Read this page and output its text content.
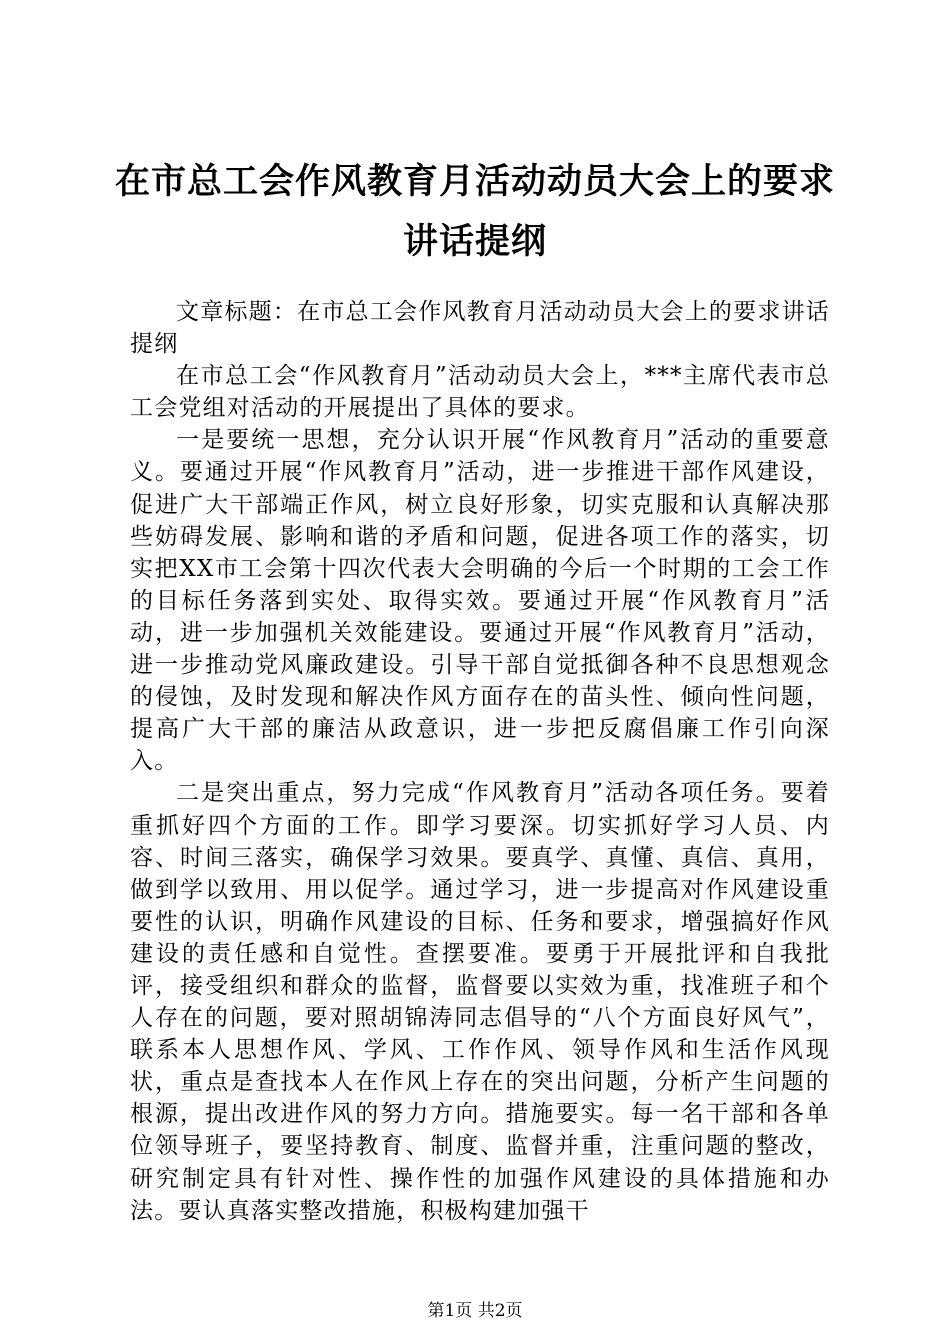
在市总工会作风教育月活动动员大会上的要求
讲话提纲

文章标题：在市总工会作风教育月活动动员大会上的要求讲话提纲

在市总工会“作风教育月”活动动员大会上，***主席代表市总工会党组对活动的开展提出了具体的要求。

一是要统一思想，充分认识开展“作风教育月”活动的重要意义。要通过开展“作风教育月”活动，进一步推进干部作风建设，促进广大干部端正作风，树立良好形象，切实克服和认真解决那些妨碍发展、影响和谐的矛盾和问题，促进各项工作的落实，切实把XX市工会第十四次代表大会明确的今后一个时期的工会工作的目标任务落到实处、取得实效。要通过开展“作风教育月”活动，进一步加强机关效能建设。要通过开展“作风教育月”活动，进一步推动党风廉政建设。引导干部自觉抵御各种不良思想观念的侵蚀，及时发现和解决作风方面存在的苗头性、倾向性问题，提高广大干部的廉洁从政意识，进一步把反腐倡廉工作引向深入。

二是突出重点，努力完成“作风教育月”活动各项任务。要着重抓好四个方面的工作。即学习要深。切实抓好学习人员、内容、时间三落实，确保学习效果。要真学、真懂、真信、真用，做到学以致用、用以促学。通过学习，进一步提高对作风建设重要性的认识，明确作风建设的目标、任务和要求，增强搞好作风建设的责任感和自觉性。查摆要准。要勇于开展批评和自我批评，接受组织和群众的监督，监督要以实效为重，找准班子和个人存在的问题，要对照胡锦涛同志倡导的“八个方面良好风气”，联系本人思想作风、学风、工作作风、领导作风和生活作风现状，重点是查找本人在作风上存在的突出问题，分析产生问题的根源，提出改进作风的努力方向。措施要实。每一名干部和各单位领导班子，要坚持教育、制度、监督并重，注重问题的整改，研究制定具有针对性、操作性的加强作风建设的具体措施和办法。要认真落实整改措施，积极构建加强干

第1页 共2页
